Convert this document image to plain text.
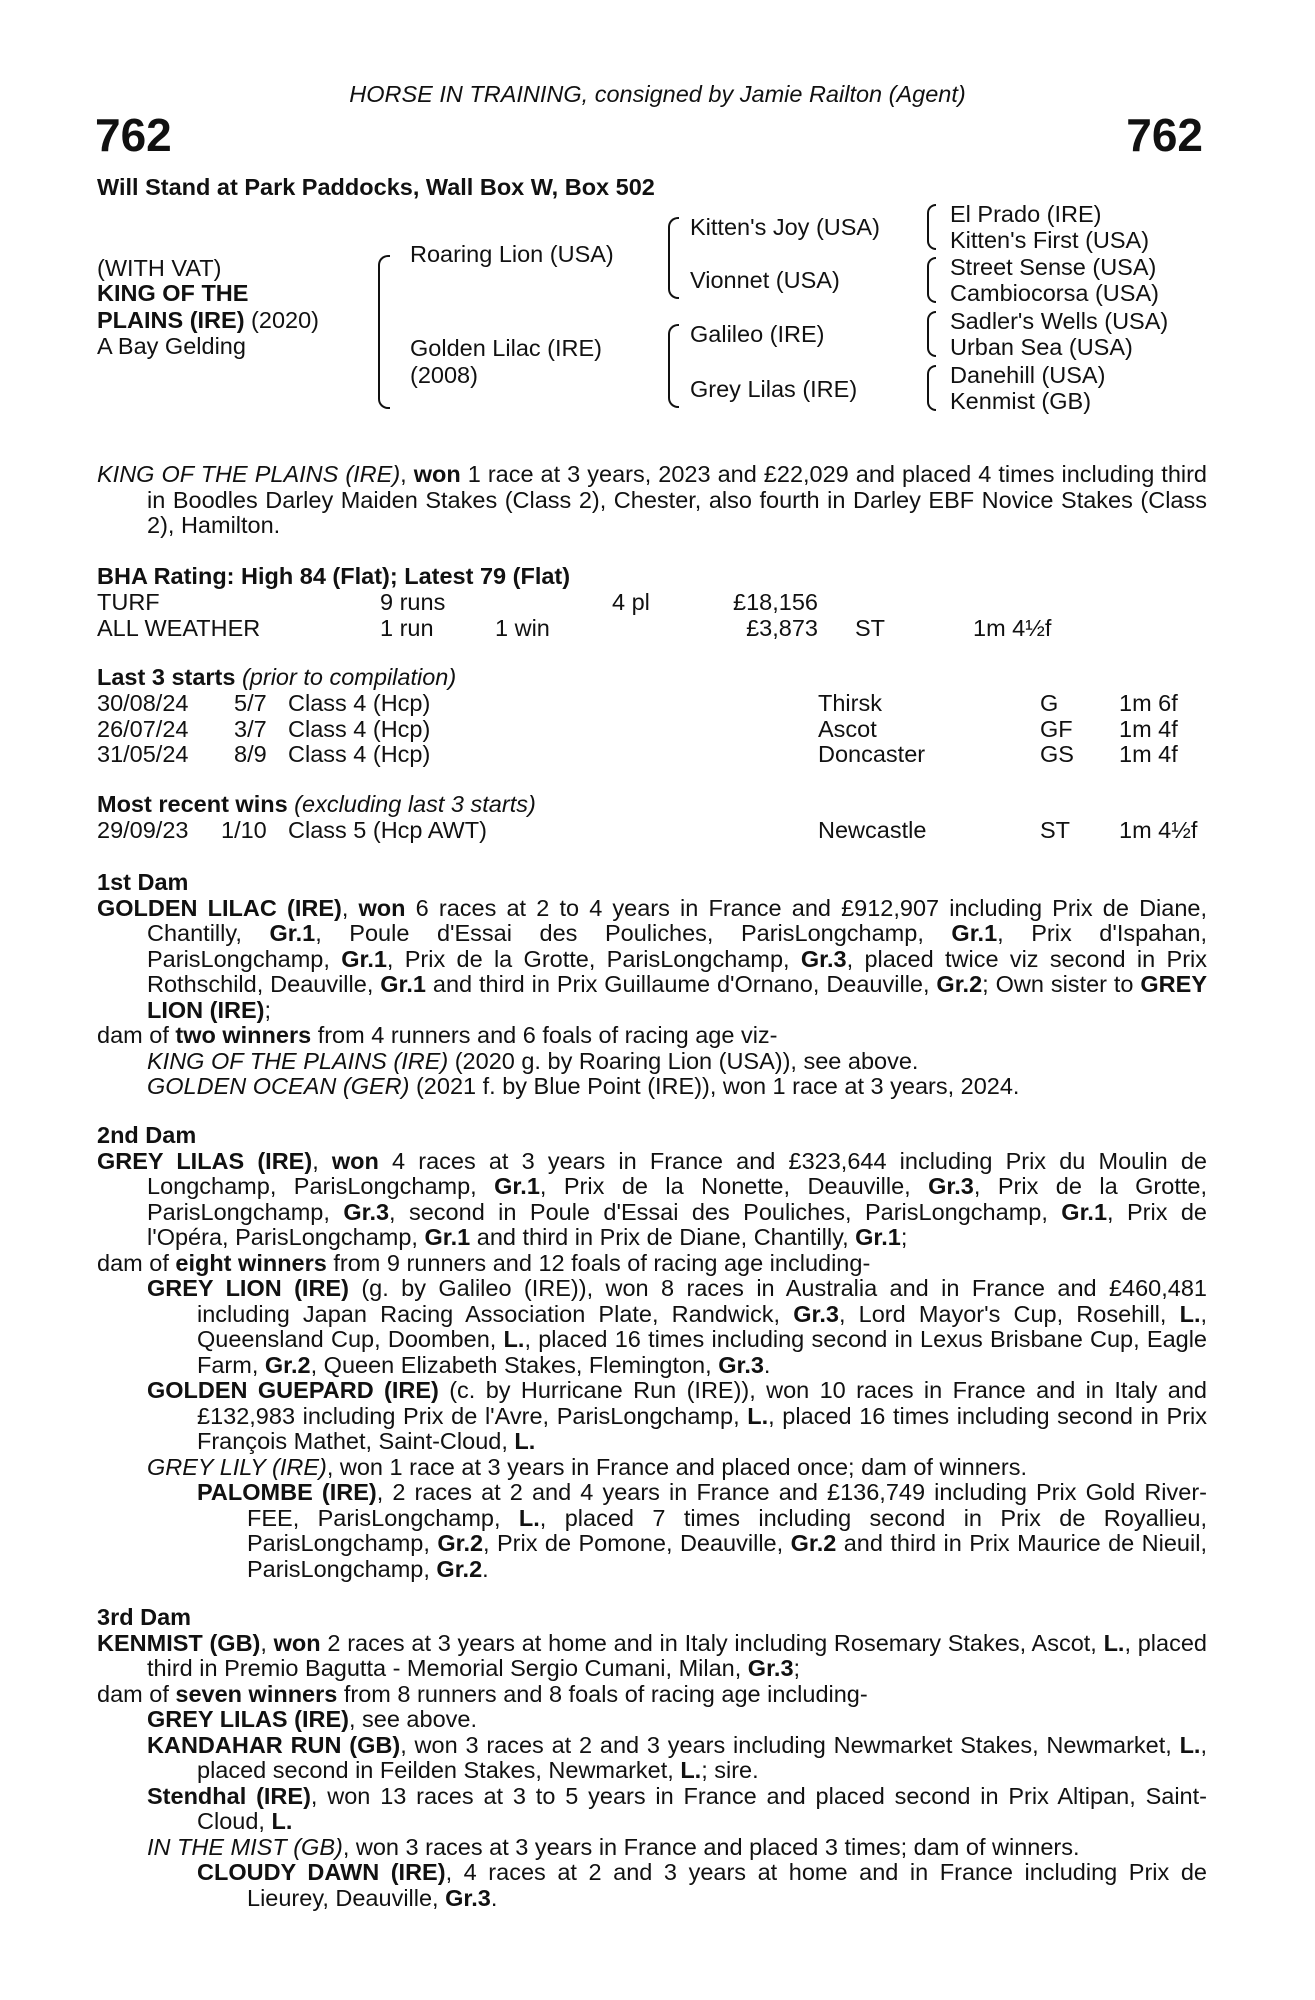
HORSE IN TRAINING, consigned by Jamie Railton (Agent)
762	762
Will Stand at Park Paddocks, Wall Box W, Box 502
(WITH VAT)
KING OF THE
PLAINS (IRE) (2020)
A Bay Gelding
Roaring Lion (USA)
Golden Lilac (IRE)
(2008)
Kitten's Joy (USA)
Vionnet (USA)
Galileo (IRE)
Grey Lilas (IRE)
El Prado (IRE)
Kitten's First (USA)
Street Sense (USA)
Cambiocorsa (USA)
Sadler's Wells (USA)
Urban Sea (USA)
Danehill (USA)
Kenmist (GB)

KING OF THE PLAINS (IRE), won 1 race at 3 years, 2023 and £22,029 and placed 4 times including third in Boodles Darley Maiden Stakes (Class 2), Chester, also fourth in Darley EBF Novice Stakes (Class 2), Hamilton.

BHA Rating: High 84 (Flat); Latest 79 (Flat)
TURF	9 runs	4 pl	£18,156
ALL WEATHER	1 run	1 win	£3,873 ST	1m 4½f
Last 3 starts (prior to compilation)
30/08/24 5/7 Class 4 (Hcp)	Thirsk	G	1m 6f
26/07/24 3/7 Class 4 (Hcp)	Ascot	GF 1m 4f
31/05/24 8/9 Class 4 (Hcp)	Doncaster	GS 1m 4f
Most recent wins (excluding last 3 starts)
29/09/23 1/10 Class 5 (Hcp AWT)	Newcastle	ST 1m 4½f

1st Dam

GOLDEN LILAC (IRE), won 6 races at 2 to 4 years in France and £912,907 including Prix de Diane, Chantilly, Gr.1, Poule d'Essai des Pouliches, ParisLongchamp, Gr.1, Prix d'Ispahan, ParisLongchamp, Gr.1, Prix de la Grotte, ParisLongchamp, Gr.3, placed twice viz second in Prix Rothschild, Deauville, Gr.1 and third in Prix Guillaume d'Ornano, Deauville, Gr.2; Own sister to GREY LION (IRE);

dam of two winners from 4 runners and 6 foals of racing age viz-

KING OF THE PLAINS (IRE) (2020 g. by Roaring Lion (USA)), see above.

GOLDEN OCEAN (GER) (2021 f. by Blue Point (IRE)), won 1 race at 3 years, 2024.

2nd Dam

GREY LILAS (IRE), won 4 races at 3 years in France and £323,644 including Prix du Moulin de Longchamp, ParisLongchamp, Gr.1, Prix de la Nonette, Deauville, Gr.3, Prix de la Grotte, ParisLongchamp, Gr.3, second in Poule d'Essai des Pouliches, ParisLongchamp, Gr.1, Prix de l'Opéra, ParisLongchamp, Gr.1 and third in Prix de Diane, Chantilly, Gr.1;

dam of eight winners from 9 runners and 12 foals of racing age including-

GREY LION (IRE) (g. by Galileo (IRE)), won 8 races in Australia and in France and £460,481 including Japan Racing Association Plate, Randwick, Gr.3, Lord Mayor's Cup, Rosehill, L., Queensland Cup, Doomben, L., placed 16 times including second in Lexus Brisbane Cup, Eagle Farm, Gr.2, Queen Elizabeth Stakes, Flemington, Gr.3.

GOLDEN GUEPARD (IRE) (c. by Hurricane Run (IRE)), won 10 races in France and in Italy and £132,983 including Prix de l'Avre, ParisLongchamp, L., placed 16 times including second in Prix François Mathet, Saint-Cloud, L.

GREY LILY (IRE), won 1 race at 3 years in France and placed once; dam of winners.

PALOMBE (IRE), 2 races at 2 and 4 years in France and £136,749 including Prix Gold River-FEE, ParisLongchamp, L., placed 7 times including second in Prix de Royallieu, ParisLongchamp, Gr.2, Prix de Pomone, Deauville, Gr.2 and third in Prix Maurice de Nieuil, ParisLongchamp, Gr.2.

3rd Dam

KENMIST (GB), won 2 races at 3 years at home and in Italy including Rosemary Stakes, Ascot, L., placed third in Premio Bagutta - Memorial Sergio Cumani, Milan, Gr.3;

dam of seven winners from 8 runners and 8 foals of racing age including-

GREY LILAS (IRE), see above.

KANDAHAR RUN (GB), won 3 races at 2 and 3 years including Newmarket Stakes, Newmarket, L., placed second in Feilden Stakes, Newmarket, L.; sire.

Stendhal (IRE), won 13 races at 3 to 5 years in France and placed second in Prix Altipan, Saint-Cloud, L.

IN THE MIST (GB), won 3 races at 3 years in France and placed 3 times; dam of winners.

CLOUDY DAWN (IRE), 4 races at 2 and 3 years at home and in France including Prix de Lieurey, Deauville, Gr.3.
